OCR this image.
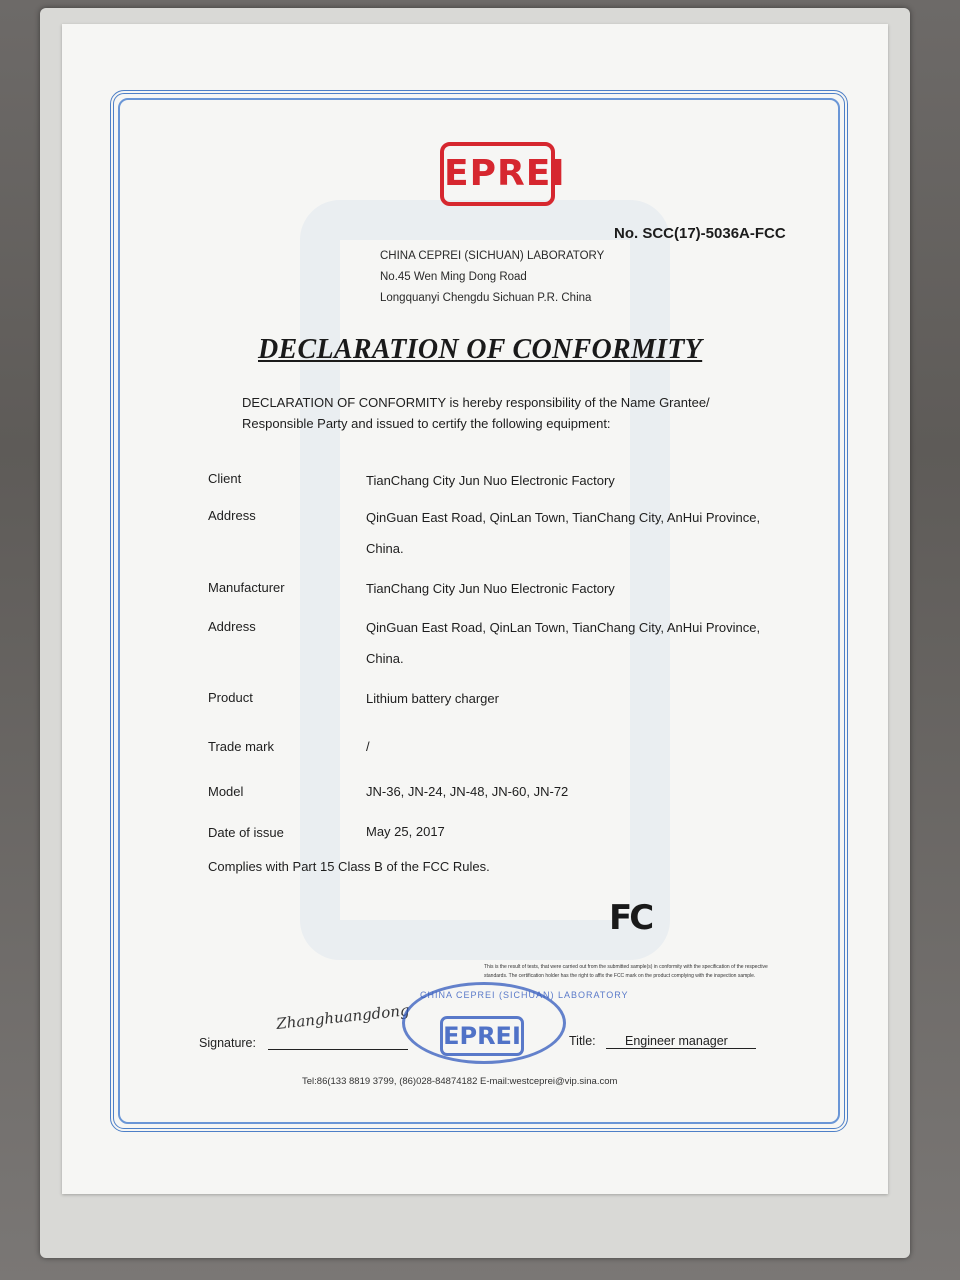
EPREI
No. SCC(17)-5036A-FCC
CHINA CEPREI (SICHUAN) LABORATORY
No.45 Wen Ming Dong Road
Longquanyi Chengdu Sichuan P.R. China
DECLARATION OF CONFORMITY
DECLARATION OF CONFORMITY is hereby responsibility of the Name Grantee/
Responsible Party and issued to certify the following equipment:
Client	TianChang City Jun Nuo Electronic Factory
Address	QinGuan East Road, QinLan Town, TianChang City, AnHui Province,
China.
Manufacturer	TianChang City Jun Nuo Electronic Factory
Address	QinGuan East Road, QinLan Town, TianChang City, AnHui Province,
China.
Product	Lithium battery charger
Trade mark	/
Model	JN-36, JN-24, JN-48, JN-60, JN-72
Date of issue	May 25, 2017
Complies with Part 15 Class B of the FCC Rules.
FC
This is the result of tests, that were carried out from the submitted sample(s) in conformity with the specification of the respective standards. The certification holder has the right to affix the FCC mark on the product complying with the inspection sample.
Signature:
Zhanghuangdong
CHINA CEPREI (SICHUAN) LABORATORY
EPREI	Title: Engineer manager
Tel:86(133 8819 3799, (86)028-84874182 E-mail:westceprei@vip.sina.com
